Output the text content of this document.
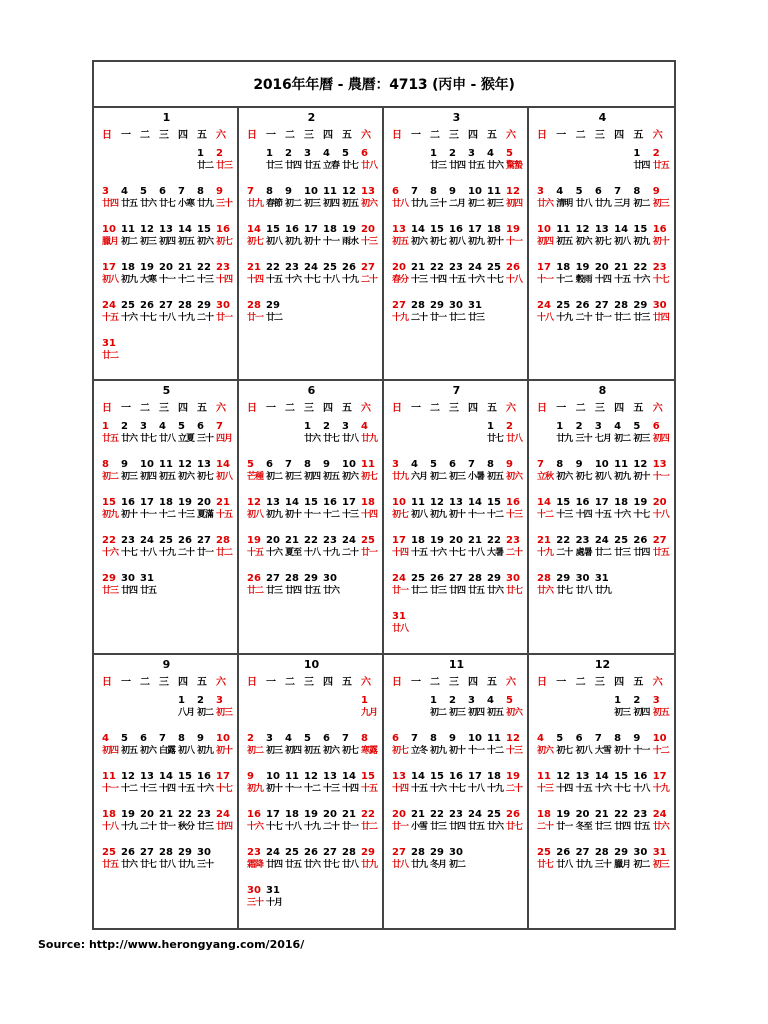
2016年年曆 - 農曆：4713 (丙申 - 猴年)
1
日 一 二 三 四 五 六
1
廿二
2
廿三
3
廿四
4
廿五
5
廿六
6
廿七
7
小寒
8
廿九
9
三十
10
臘月
11
初二
12
初三
13
初四
14
初五
15
初六
16
初七
17
初八
18
初九
19
大寒
20
十一
21
十二
22
十三
23
十四
24
十五
25
十六
26
十七
27
十八
28
十九
29
二十
30
廿一
31
廿二
2
日 一 二 三 四 五 六
1
廿三
2
廿四
3
廿五
4
立春
5
廿七
6
廿八
7
廿九
8
春節
9
初二
10
初三
11
初四
12
初五
13
初六
14
初七
15
初八
16
初九
17
初十
18
十一
19
雨水
20
十三
21
十四
22
十五
23
十六
24
十七
25
十八
26
十九
27
二十
28
廿一
29
廿二
3
日 一 二 三 四 五 六
1
廿三
2
廿四
3
廿五
4
廿六
5
驚蟄
6
廿八
7
廿九
8
三十
9
二月
10
初二
11
初三
12
初四
13
初五
14
初六
15
初七
16
初八
17
初九
18
初十
19
十一
20
春分
21
十三
22
十四
23
十五
24
十六
25
十七
26
十八
27
十九
28
二十
29
廿一
30
廿二
31
廿三
4
日 一 二 三 四 五 六
1
廿四
2
廿五
3
廿六
4
清明
5
廿八
6
廿九
7
三月
8
初二
9
初三
10
初四
11
初五
12
初六
13
初七
14
初八
15
初九
16
初十
17
十一
18
十二
19
穀雨
20
十四
21
十五
22
十六
23
十七
24
十八
25
十九
26
二十
27
廿一
28
廿二
29
廿三
30
廿四
5
日 一 二 三 四 五 六
1
廿五
2
廿六
3
廿七
4
廿八
5
立夏
6
三十
7
四月
8
初二
9
初三
10
初四
11
初五
12
初六
13
初七
14
初八
15
初九
16
初十
17
十一
18
十二
19
十三
20
夏滿
21
十五
22
十六
23
十七
24
十八
25
十九
26
二十
27
廿一
28
廿二
29
廿三
30
廿四
31
廿五
6
日 一 二 三 四 五 六
1
廿六
2
廿七
3
廿八
4
廿九
5
芒種
6
初二
7
初三
8
初四
9
初五
10
初六
11
初七
12
初八
13
初九
14
初十
15
十一
16
十二
17
十三
18
十四
19
十五
20
十六
21
夏至
22
十八
23
十九
24
二十
25
廿一
26
廿二
27
廿三
28
廿四
29
廿五
30
廿六
7
日 一 二 三 四 五 六
1
廿七
2
廿八
3
廿九
4
六月
5
初二
6
初三
7
小暑
8
初五
9
初六
10
初七
11
初八
12
初九
13
初十
14
十一
15
十二
16
十三
17
十四
18
十五
19
十六
20
十七
21
十八
22
大暑
23
二十
24
廿一
25
廿二
26
廿三
27
廿四
28
廿五
29
廿六
30
廿七
31
廿八
8
日 一 二 三 四 五 六
1
廿九
2
三十
3
七月
4
初二
5
初三
6
初四
7
立秋
8
初六
9
初七
10
初八
11
初九
12
初十
13
十一
14
十二
15
十三
16
十四
17
十五
18
十六
19
十七
20
十八
21
十九
22
二十
23
處暑
24
廿二
25
廿三
26
廿四
27
廿五
28
廿六
29
廿七
30
廿八
31
廿九
9
日 一 二 三 四 五 六
1
八月
2
初二
3
初三
4
初四
5
初五
6
初六
7
白露
8
初八
9
初九
10
初十
11
十一
12
十二
13
十三
14
十四
15
十五
16
十六
17
十七
18
十八
19
十九
20
二十
21
廿一
22
秋分
23
廿三
24
廿四
25
廿五
26
廿六
27
廿七
28
廿八
29
廿九
30
三十
10
日 一 二 三 四 五 六
1
九月
2
初二
3
初三
4
初四
5
初五
6
初六
7
初七
8
寒露
9
初九
10
初十
11
十一
12
十二
13
十三
14
十四
15
十五
16
十六
17
十七
18
十八
19
十九
20
二十
21
廿一
22
廿二
23
霜降
24
廿四
25
廿五
26
廿六
27
廿七
28
廿八
29
廿九
30
三十
31
十月
11
日 一 二 三 四 五 六
1
初二
2
初三
3
初四
4
初五
5
初六
6
初七
7
立冬
8
初九
9
初十
10
十一
11
十二
12
十三
13
十四
14
十五
15
十六
16
十七
17
十八
18
十九
19
二十
20
廿一
21
小雪
22
廿三
23
廿四
24
廿五
25
廿六
26
廿七
27
廿八
28
廿九
29
冬月
30
初二
12
日 一 二 三 四 五 六
1
初三
2
初四
3
初五
4
初六
5
初七
6
初八
7
大雪
8
初十
9
十一
10
十二
11
十三
12
十四
13
十五
14
十六
15
十七
16
十八
17
十九
18
二十
19
廿一
20
冬至
21
廿三
22
廿四
23
廿五
24
廿六
25
廿七
26
廿八
27
廿九
28
三十
29
臘月
30
初二
31
初三
Source: http://www.herongyang.com/2016/
